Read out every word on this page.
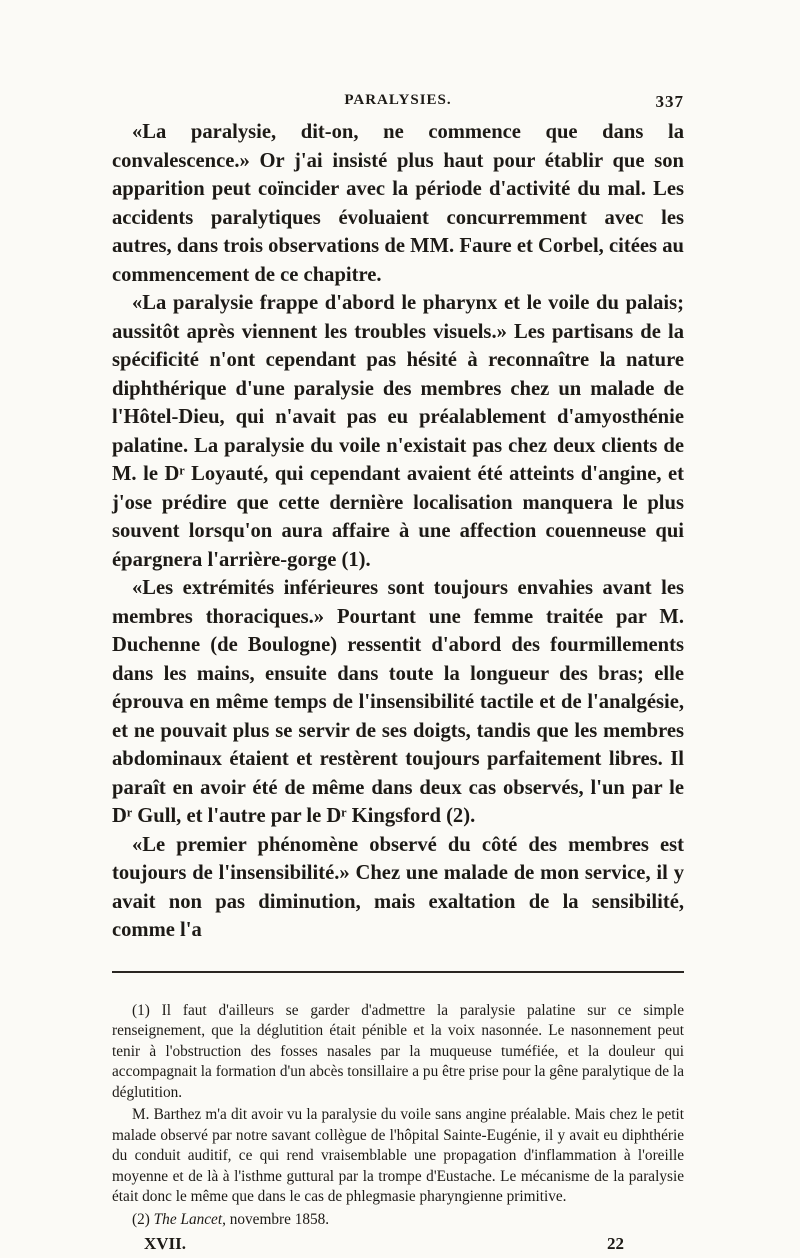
PARALYSIES.	337

«La paralysie, dit-on, ne commence que dans la convalescence.» Or j'ai insisté plus haut pour établir que son apparition peut coïncider avec la période d'activité du mal. Les accidents paralytiques évoluaient concurremment avec les autres, dans trois observations de MM. Faure et Corbel, citées au commencement de ce chapitre.

«La paralysie frappe d'abord le pharynx et le voile du palais; aussitôt après viennent les troubles visuels.» Les partisans de la spécificité n'ont cependant pas hésité à reconnaître la nature diphthérique d'une paralysie des membres chez un malade de l'Hôtel-Dieu, qui n'avait pas eu préalablement d'amyosthénie palatine. La paralysie du voile n'existait pas chez deux clients de M. le Dʳ Loyauté, qui cependant avaient été atteints d'angine, et j'ose prédire que cette dernière localisation manquera le plus souvent lorsqu'on aura affaire à une affection couenneuse qui épargnera l'arrière-gorge (1).

«Les extrémités inférieures sont toujours envahies avant les membres thoraciques.» Pourtant une femme traitée par M. Duchenne (de Boulogne) ressentit d'abord des fourmillements dans les mains, ensuite dans toute la longueur des bras; elle éprouva en même temps de l'insensibilité tactile et de l'analgésie, et ne pouvait plus se servir de ses doigts, tandis que les membres abdominaux étaient et restèrent toujours parfaitement libres. Il paraît en avoir été de même dans deux cas observés, l'un par le Dʳ Gull, et l'autre par le Dʳ Kingsford (2).

«Le premier phénomène observé du côté des membres est toujours de l'insensibilité.» Chez une malade de mon service, il y avait non pas diminution, mais exaltation de la sensibilité, comme l'a

(1) Il faut d'ailleurs se garder d'admettre la paralysie palatine sur ce simple renseignement, que la déglutition était pénible et la voix nasonnée. Le nasonnement peut tenir à l'obstruction des fosses nasales par la muqueuse tuméfiée, et la douleur qui accompagnait la formation d'un abcès tonsillaire a pu être prise pour la gêne paralytique de la déglutition.

M. Barthez m'a dit avoir vu la paralysie du voile sans angine préalable. Mais chez le petit malade observé par notre savant collègue de l'hôpital Sainte-Eugénie, il y avait eu diphthérie du conduit auditif, ce qui rend vraisemblable une propagation d'inflammation à l'oreille moyenne et de là à l'isthme guttural par la trompe d'Eustache. Le mécanisme de la paralysie était donc le même que dans le cas de phlegmasie pharyngienne primitive.

(2) The Lancet, novembre 1858.

XVII.	22
